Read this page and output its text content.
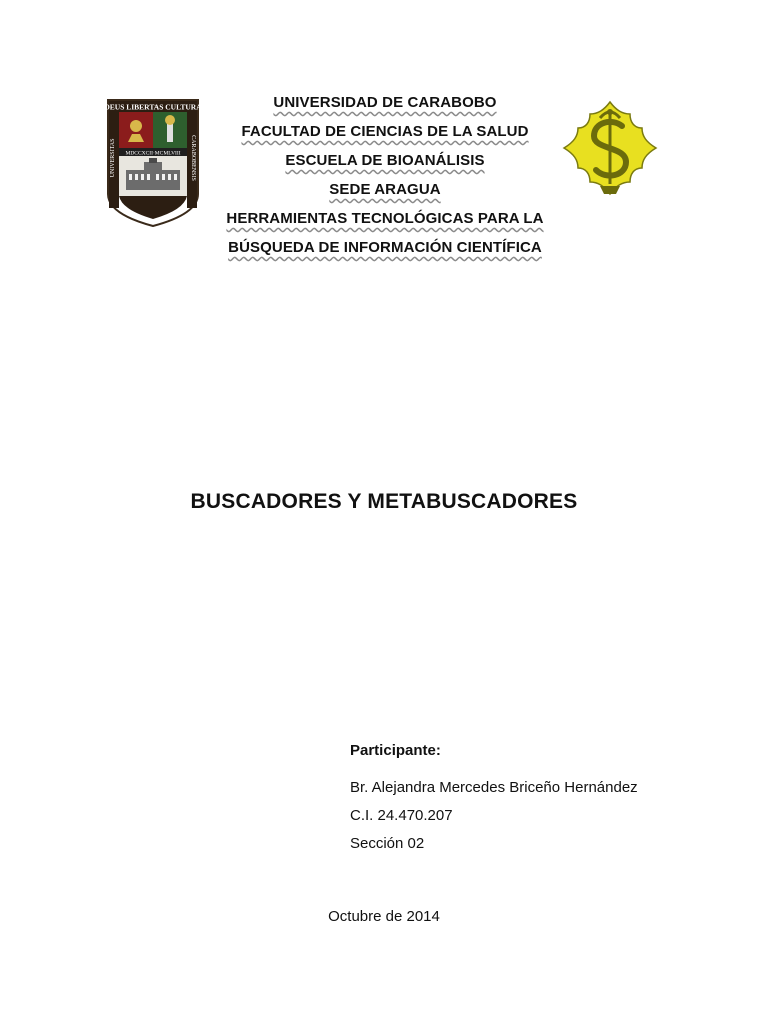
DEUS LIBERTAS CULTURA
MDCCXCII·MCMLVIII
UNIVERSITAS	CARABOBENSIS

UNIVERSIDAD DE CARABOBO

FACULTAD DE CIENCIAS DE LA SALUD

ESCUELA DE BIOANÁLISIS

SEDE ARAGUA

HERRAMIENTAS TECNOLÓGICAS PARA LA

BÚSQUEDA DE INFORMACIÓN CIENTÍFICA

BUSCADORES Y METABUSCADORES

Participante:

Br. Alejandra Mercedes Briceño Hernández

C.I. 24.470.207

Sección 02

Octubre de 2014
